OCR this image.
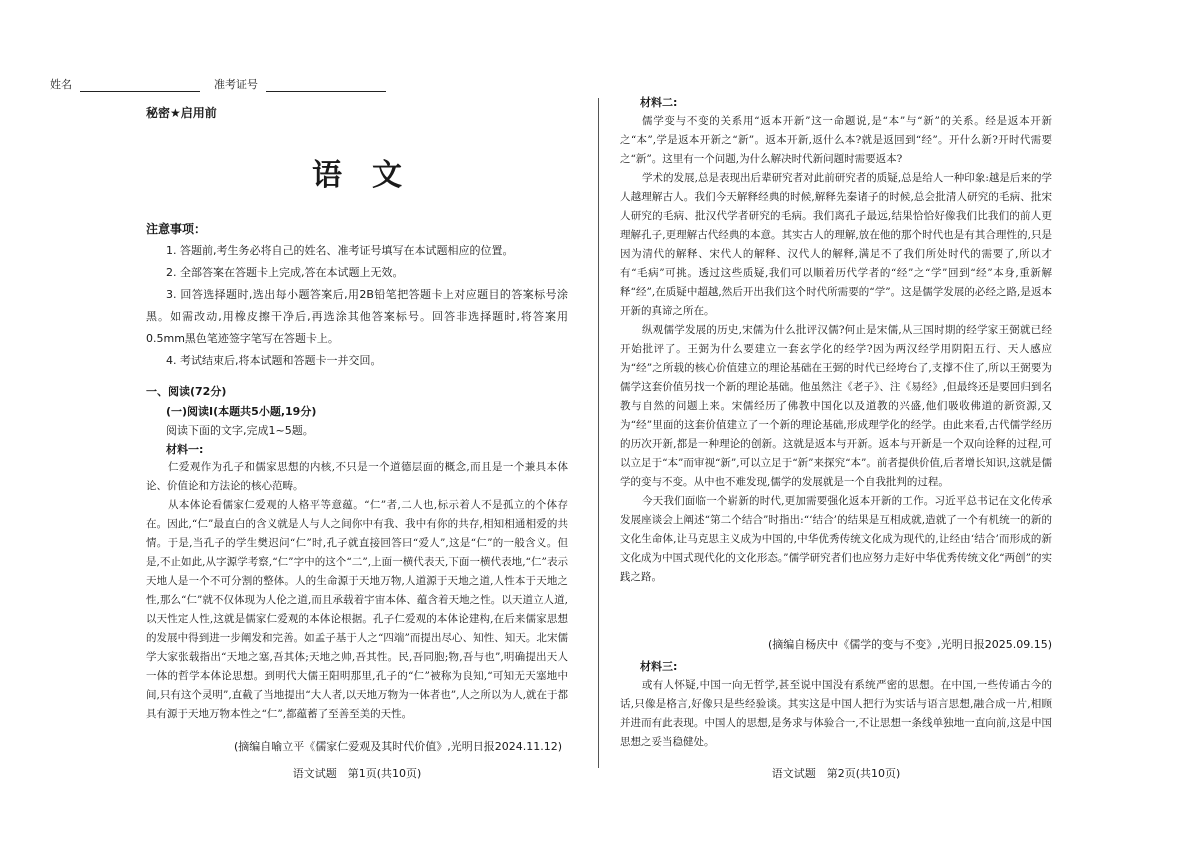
姓名	准考证号
秘密★启用前
语文
注意事项：

1. 答题前,考生务必将自己的姓名、准考证号填写在本试题相应的位置。

2. 全部答案在答题卡上完成,答在本试题上无效。

3. 回答选择题时,选出每小题答案后,用2B铅笔把答题卡上对应题目的答案标号涂黑。如需改动,用橡皮擦干净后,再选涂其他答案标号。回答非选择题时,将答案用0.5mm黑色笔迹签字笔写在答题卡上。

4. 考试结束后,将本试题和答题卡一并交回。

一、阅读(72分)
(一)阅读Ⅰ(本题共5小题,19分)
阅读下面的文字,完成1~5题。
材料一:

仁爱观作为孔子和儒家思想的内核,不只是一个道德层面的概念,而且是一个兼具本体论、价值论和方法论的核心范畴。

从本体论看儒家仁爱观的人格平等意蕴。“仁”者,二人也,标示着人不是孤立的个体存在。因此,“仁”最直白的含义就是人与人之间你中有我、我中有你的共存,相知相通相爱的共情。于是,当孔子的学生樊迟问“仁”时,孔子就直接回答曰“爱人”,这是“仁”的一般含义。但是,不止如此,从字源学考察,“仁”字中的这个“二”,上面一横代表天,下面一横代表地,“仁”表示天地人是一个不可分割的整体。人的生命源于天地万物,人道源于天地之道,人性本于天地之性,那么“仁”就不仅体现为人伦之道,而且承载着宇宙本体、蕴含着天地之性。以天道立人道,以天性定人性,这就是儒家仁爱观的本体论根据。孔子仁爱观的本体论建构,在后来儒家思想的发展中得到进一步阐发和完善。如孟子基于人之“四端”而提出尽心、知性、知天。北宋儒学大家张载指出“天地之塞,吾其体;天地之帅,吾其性。民,吾同胞;物,吾与也”,明确提出天人一体的哲学本体论思想。到明代大儒王阳明那里,孔子的“仁”被称为良知,“可知无天塞地中间,只有这个灵明”,直截了当地提出“大人者,以天地万物为一体者也”,人之所以为人,就在于都具有源于天地万物本性之“仁”,都蕴蓄了至善至美的天性。

(摘编自喻立平《儒家仁爱观及其时代价值》,光明日报2024.11.12)
语文试题　第1页(共10页)
材料二:

儒学变与不变的关系用“返本开新”这一命题说,是“本”与“新”的关系。经是返本开新之“本”,学是返本开新之“新”。返本开新,返什么本?就是返回到“经”。开什么新?开时代需要之“新”。这里有一个问题,为什么解决时代新问题时需要返本?

学术的发展,总是表现出后辈研究者对此前研究者的质疑,总是给人一种印象:越是后来的学人越理解古人。我们今天解释经典的时候,解释先秦诸子的时候,总会批清人研究的毛病、批宋人研究的毛病、批汉代学者研究的毛病。我们离孔子最远,结果恰恰好像我们比我们的前人更理解孔子,更理解古代经典的本意。其实古人的理解,放在他的那个时代也是有其合理性的,只是因为清代的解释、宋代人的解释、汉代人的解释,满足不了我们所处时代的需要了,所以才有“毛病”可挑。透过这些质疑,我们可以顺着历代学者的“经”之“学”回到“经”本身,重新解释“经”,在质疑中超越,然后开出我们这个时代所需要的“学”。这是儒学发展的必经之路,是返本开新的真谛之所在。

纵观儒学发展的历史,宋儒为什么批评汉儒?何止是宋儒,从三国时期的经学家王弼就已经开始批评了。王弼为什么要建立一套玄学化的经学?因为两汉经学用阴阳五行、天人感应为“经”之所载的核心价值建立的理论基础在王弼的时代已经垮台了,支撑不住了,所以王弼要为儒学这套价值另找一个新的理论基础。他虽然注《老子》、注《易经》,但最终还是要回归到名教与自然的问题上来。宋儒经历了佛教中国化以及道教的兴盛,他们吸收佛道的新资源,又为“经”里面的这套价值建立了一个新的理论基础,形成理学化的经学。由此来看,古代儒学经历的历次开新,都是一种理论的创新。这就是返本与开新。返本与开新是一个双向诠释的过程,可以立足于“本”而审视“新”,可以立足于“新”来探究“本”。前者提供价值,后者增长知识,这就是儒学的变与不变。从中也不难发现,儒学的发展就是一个自我批判的过程。

今天我们面临一个崭新的时代,更加需要强化返本开新的工作。习近平总书记在文化传承发展座谈会上阐述“第二个结合”时指出:“‘结合’的结果是互相成就,造就了一个有机统一的新的文化生命体,让马克思主义成为中国的,中华优秀传统文化成为现代的,让经由‘结合’而形成的新文化成为中国式现代化的文化形态。”儒学研究者们也应努力走好中华优秀传统文化“两创”的实践之路。

(摘编自杨庆中《儒学的变与不变》,光明日报2025.09.15)
材料三:

或有人怀疑,中国一向无哲学,甚至说中国没有系统严密的思想。在中国,一些传诵古今的话,只像是格言,好像只是些经验谈。其实这是中国人把行为实话与语言思想,融合成一片,相顾并进而有此表现。中国人的思想,是务求与体验合一,不让思想一条线单独地一直向前,这是中国思想之妥当稳健处。

语文试题　第2页(共10页)
